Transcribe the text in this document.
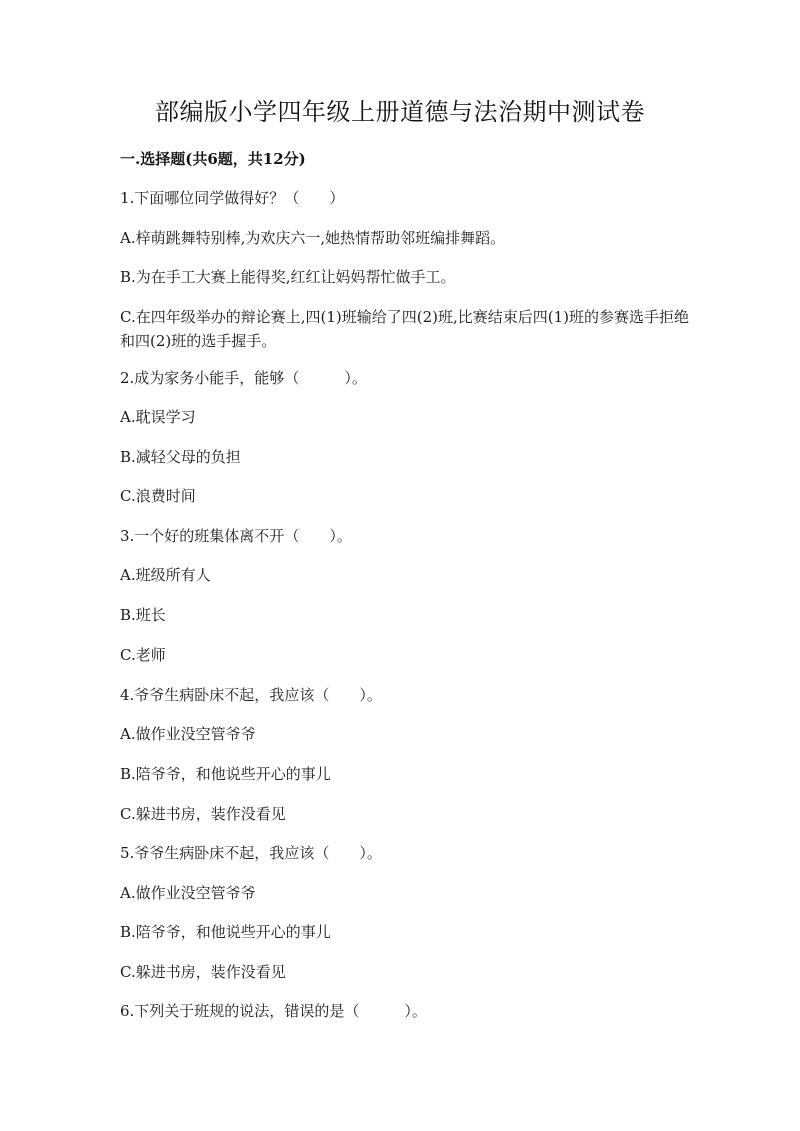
部编版小学四年级上册道德与法治期中测试卷
一.选择题(共6题，共12分)
1.下面哪位同学做得好？（　　）
A.梓萌跳舞特别棒,为欢庆六一,她热情帮助邻班编排舞蹈。
B.为在手工大赛上能得奖,红红让妈妈帮忙做手工。
C.在四年级举办的辩论赛上,四(1)班输给了四(2)班,比赛结束后四(1)班的参赛选手拒绝和四(2)班的选手握手。
2.成为家务小能手，能够（　　　）。
A.耽误学习
B.减轻父母的负担
C.浪费时间
3.一个好的班集体离不开（　　）。
A.班级所有人
B.班长
C.老师
4.爷爷生病卧床不起，我应该（　　）。
A.做作业没空管爷爷
B.陪爷爷，和他说些开心的事儿
C.躲进书房，装作没看见
5.爷爷生病卧床不起，我应该（　　）。
A.做作业没空管爷爷
B.陪爷爷，和他说些开心的事儿
C.躲进书房，装作没看见
6.下列关于班规的说法，错误的是（　　　）。
